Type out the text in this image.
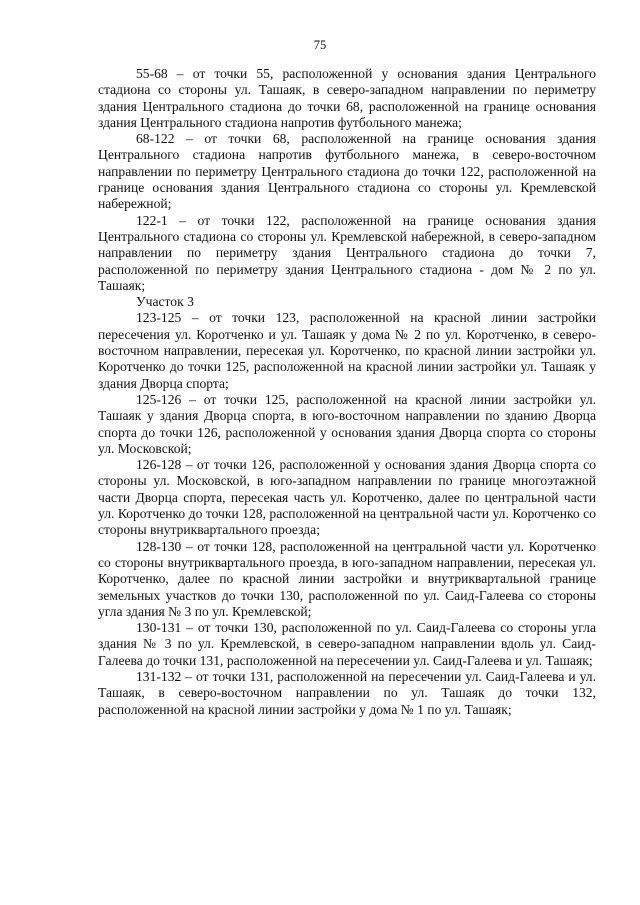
75

55-68 – от точки 55, расположенной у основания здания Центрального стадиона со стороны ул. Ташаяк, в северо-западном направлении по периметру здания Центрального стадиона до точки 68, расположенной на границе основания здания Центрального стадиона напротив футбольного манежа;

68-122 – от точки 68, расположенной на границе основания здания Центрального стадиона напротив футбольного манежа, в северо-восточном направлении по периметру Центрального стадиона до точки 122, расположенной на границе основания здания Центрального стадиона со стороны ул. Кремлевской набережной;

122-1 – от точки 122, расположенной на границе основания здания Центрального стадиона со стороны ул. Кремлевской набережной, в северо-западном направлении по периметру здания Центрального стадиона до точки 7, расположенной по периметру здания Центрального стадиона - дом № 2 по ул. Ташаяк;

Участок 3

123-125 – от точки 123, расположенной на красной линии застройки пересечения ул. Коротченко и ул. Ташаяк у дома № 2 по ул. Коротченко, в северо-восточном направлении, пересекая ул. Коротченко, по красной линии застройки ул. Коротченко до точки 125, расположенной на красной линии застройки ул. Ташаяк у здания Дворца спорта;

125-126 – от точки 125, расположенной на красной линии застройки ул. Ташаяк у здания Дворца спорта, в юго-восточном направлении по зданию Дворца спорта до точки 126, расположенной у основания здания Дворца спорта со стороны ул. Московской;

126-128 – от точки 126, расположенной у основания здания Дворца спорта со стороны ул. Московской, в юго-западном направлении по границе многоэтажной части Дворца спорта, пересекая часть ул. Коротченко, далее по центральной части ул. Коротченко до точки 128, расположенной на центральной части ул. Коротченко со стороны внутриквартального проезда;

128-130 – от точки 128, расположенной на центральной части ул. Коротченко со стороны внутриквартального проезда, в юго-западном направлении, пересекая ул. Коротченко, далее по красной линии застройки и внутриквартальной границе земельных участков до точки 130, расположенной по ул. Саид-Галеева со стороны угла здания № 3 по ул. Кремлевской;

130-131 – от точки 130, расположенной по ул. Саид-Галеева со стороны угла здания № 3 по ул. Кремлевской, в северо-западном направлении вдоль ул. Саид-Галеева до точки 131, расположенной на пересечении ул. Саид-Галеева и ул. Ташаяк;

131-132 – от точки 131, расположенной на пересечении ул. Саид-Галеева и ул. Ташаяк, в северо-восточном направлении по ул. Ташаяк до точки 132, расположенной на красной линии застройки у дома № 1 по ул. Ташаяк;
